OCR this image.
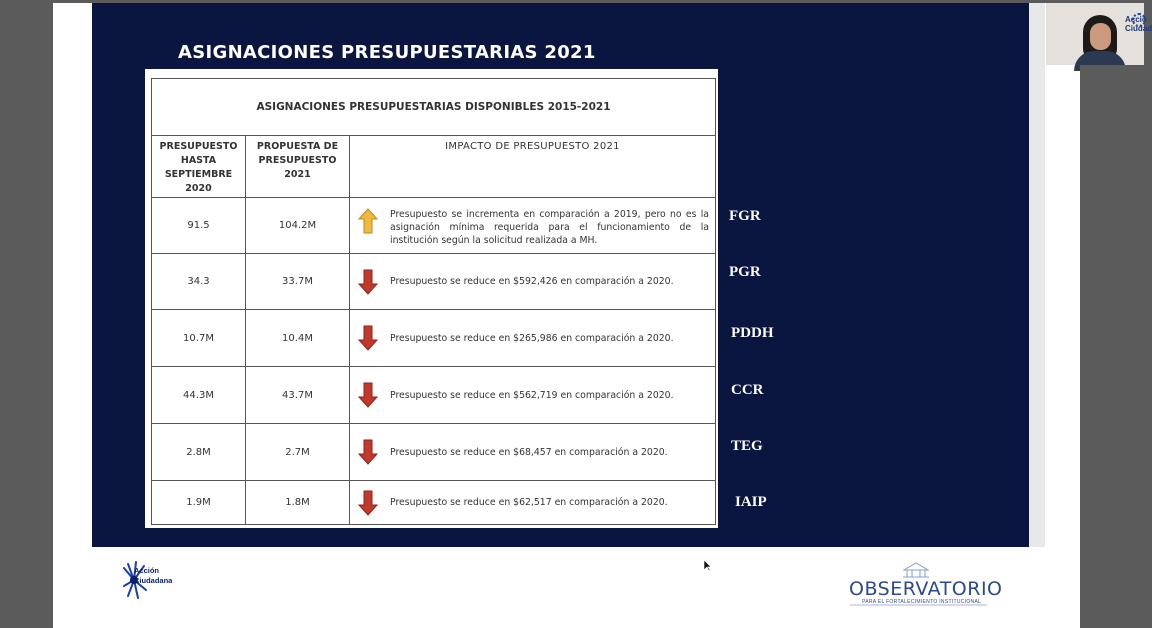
ASIGNACIONES PRESUPUESTARIAS 2021
ASIGNACIONES PRESUPUESTARIAS DISPONIBLES 2015-2021		
PRESUPUESTO HASTA SEPTIEMBRE 2020	PROPUESTA DE PRESUPUESTO 2021	IMPACTO DE PRESUPUESTO 2021
91.5	104.2M	Presupuesto se incrementa en comparación a 2019, pero no es la asignación mínima requerida para el funcionamiento de la institución según la solicitud realizada a MH.

34.3	33.7M	Presupuesto se reduce en $592,426 en comparación a 2020.

10.7M	10.4M	Presupuesto se reduce en $265,986 en comparación a 2020.

44.3M	43.7M	Presupuesto se reduce en $562,719 en comparación a 2020.

2.8M	2.7M	Presupuesto se reduce en $68,457 en comparación a 2020.

1.9M	1.8M	Presupuesto se reduce en $62,517 en comparación a 2020.
FGR
PGR
PDDH
CCR
TEG
IAIP
Acció
Ciudad
Acción
Ciudadana	OBSERVATORIO
PARA EL FORTALECIMIENTO INSTITUCIONAL
